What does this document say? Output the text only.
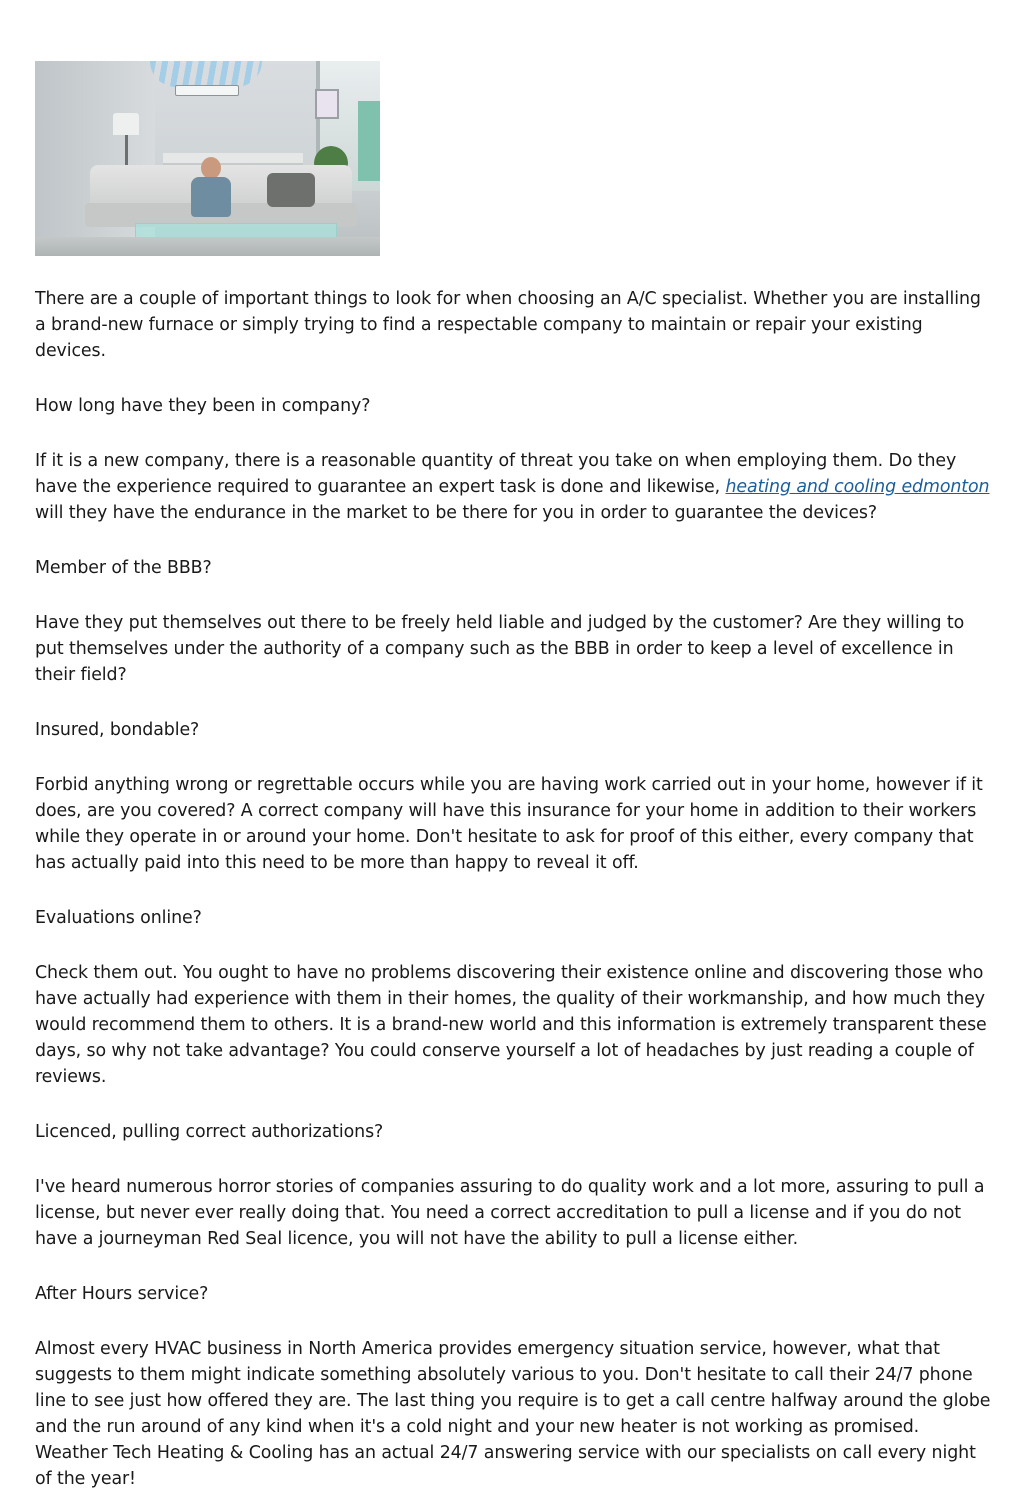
There are a couple of important things to look for when choosing an A/C specialist. Whether you are installing a brand-new furnace or simply trying to find a respectable company to maintain or repair your existing devices.

How long have they been in company?

If it is a new company, there is a reasonable quantity of threat you take on when employing them. Do they have the experience required to guarantee an expert task is done and likewise, heating and cooling edmonton will they have the endurance in the market to be there for you in order to guarantee the devices?

Member of the BBB?

Have they put themselves out there to be freely held liable and judged by the customer? Are they willing to put themselves under the authority of a company such as the BBB in order to keep a level of excellence in their field?

Insured, bondable?

Forbid anything wrong or regrettable occurs while you are having work carried out in your home, however if it does, are you covered? A correct company will have this insurance for your home in addition to their workers while they operate in or around your home. Don't hesitate to ask for proof of this either, every company that has actually paid into this need to be more than happy to reveal it off.

Evaluations online?

Check them out. You ought to have no problems discovering their existence online and discovering those who have actually had experience with them in their homes, the quality of their workmanship, and how much they would recommend them to others. It is a brand-new world and this information is extremely transparent these days, so why not take advantage? You could conserve yourself a lot of headaches by just reading a couple of reviews.

Licenced, pulling correct authorizations?

I've heard numerous horror stories of companies assuring to do quality work and a lot more, assuring to pull a license, but never ever really doing that. You need a correct accreditation to pull a license and if you do not have a journeyman Red Seal licence, you will not have the ability to pull a license either.

After Hours service?

Almost every HVAC business in North America provides emergency situation service, however, what that suggests to them might indicate something absolutely various to you. Don't hesitate to call their 24/7 phone line to see just how offered they are. The last thing you require is to get a call centre halfway around the globe and the run around of any kind when it's a cold night and your new heater is not working as promised. Weather Tech Heating & Cooling has an actual 24/7 answering service with our specialists on call every night of the year!
